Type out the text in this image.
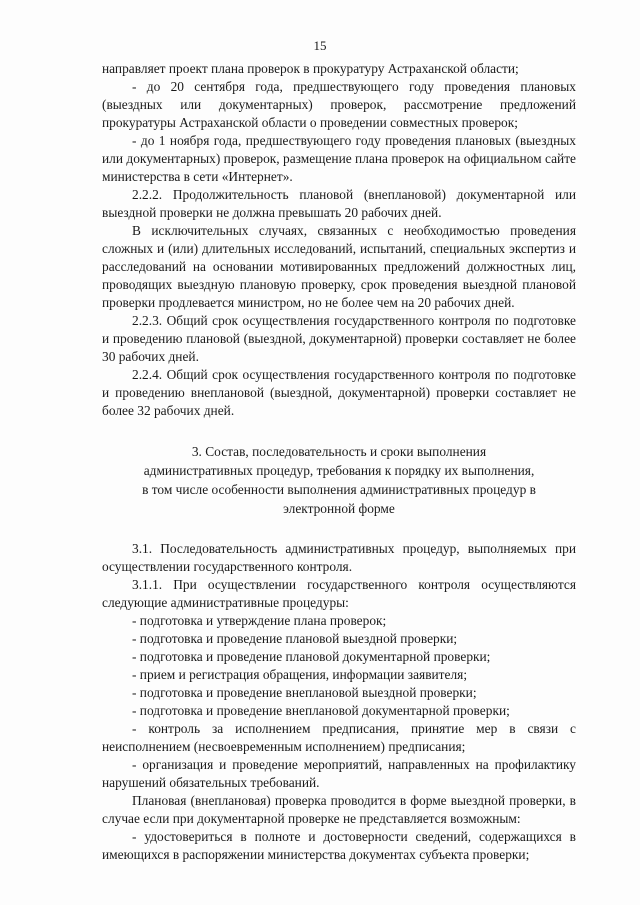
15

направляет проект плана проверок в прокуратуру Астраханской области;

- до 20 сентября года, предшествующего году проведения плановых (выездных или документарных) проверок, рассмотрение предложений прокуратуры Астраханской области о проведении совместных проверок;

- до 1 ноября года, предшествующего году проведения плановых (выездных или документарных) проверок, размещение плана проверок на официальном сайте министерства в сети «Интернет».

2.2.2. Продолжительность плановой (внеплановой) документарной или выездной проверки не должна превышать 20 рабочих дней.

В исключительных случаях, связанных с необходимостью проведения сложных и (или) длительных исследований, испытаний, специальных экспертиз и расследований на основании мотивированных предложений должностных лиц, проводящих выездную плановую проверку, срок проведения выездной плановой проверки продлевается министром, но не более чем на 20 рабочих дней.

2.2.3. Общий срок осуществления государственного контроля по подготовке и проведению плановой (выездной, документарной) проверки составляет не более 30 рабочих дней.

2.2.4. Общий срок осуществления государственного контроля по подготовке и проведению внеплановой (выездной, документарной) проверки составляет не более 32 рабочих дней.

3. Состав, последовательность и сроки выполнения административных процедур, требования к порядку их выполнения, в том числе особенности выполнения административных процедур в электронной форме

3.1. Последовательность административных процедур, выполняемых при осуществлении государственного контроля.

3.1.1. При осуществлении государственного контроля осуществляются следующие административные процедуры:

- подготовка и утверждение плана проверок;

- подготовка и проведение плановой выездной проверки;

- подготовка и проведение плановой документарной проверки;

- прием и регистрация обращения, информации заявителя;

- подготовка и проведение внеплановой выездной проверки;

- подготовка и проведение внеплановой документарной проверки;

- контроль за исполнением предписания, принятие мер в связи с неисполнением (несвоевременным исполнением) предписания;

- организация и проведение мероприятий, направленных на профилактику нарушений обязательных требований.

Плановая (внеплановая) проверка проводится в форме выездной проверки, в случае если при документарной проверке не представляется возможным:

- удостовериться в полноте и достоверности сведений, содержащихся в имеющихся в распоряжении министерства документах субъекта проверки;
